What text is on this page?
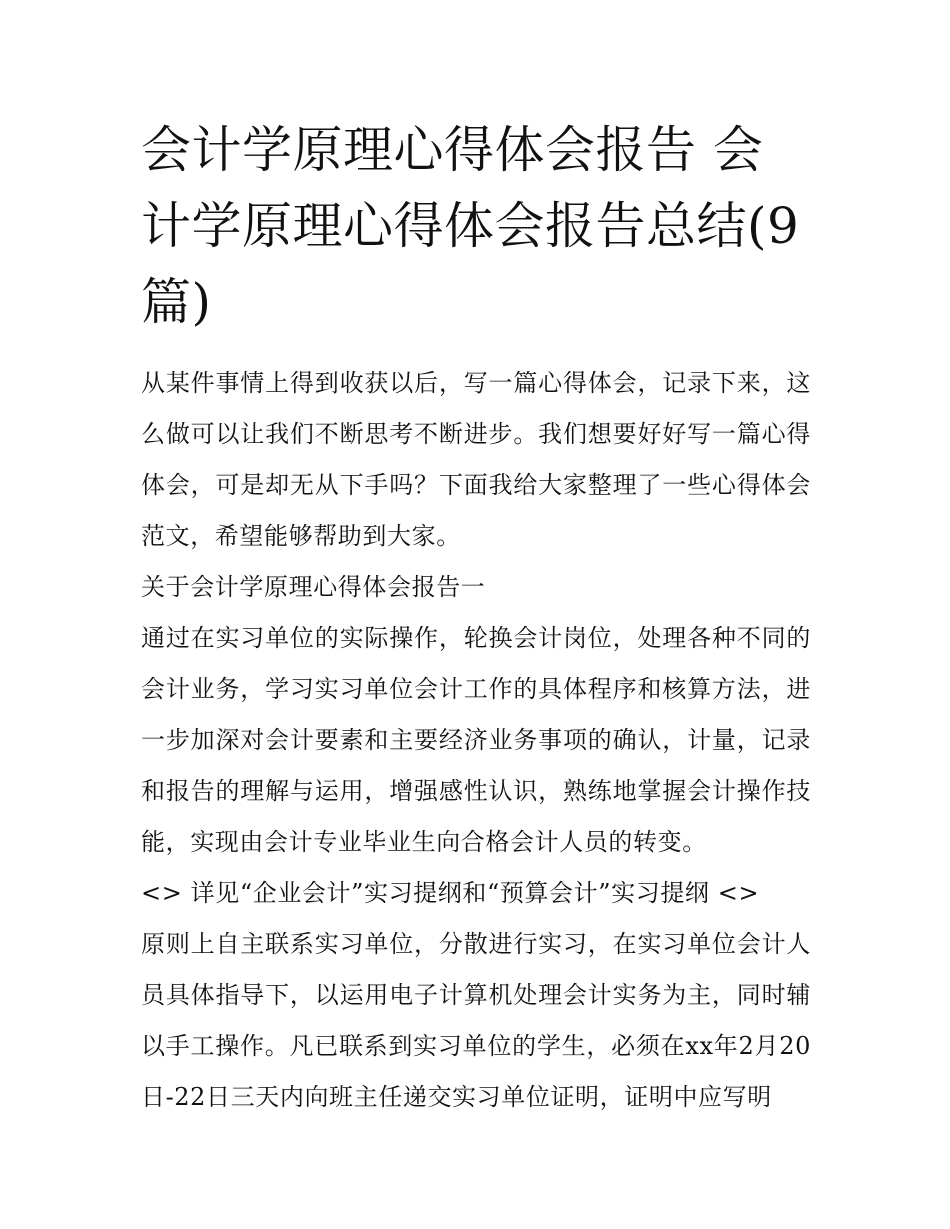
会计学原理心得体会报告 会计学原理心得体会报告总结(9篇)

从某件事情上得到收获以后，写一篇心得体会，记录下来，这么做可以让我们不断思考不断进步。我们想要好好写一篇心得体会，可是却无从下手吗？下面我给大家整理了一些心得体会范文，希望能够帮助到大家。

关于会计学原理心得体会报告一

通过在实习单位的实际操作，轮换会计岗位，处理各种不同的会计业务，学习实习单位会计工作的具体程序和核算方法，进一步加深对会计要素和主要经济业务事项的确认，计量，记录和报告的理解与运用，增强感性认识，熟练地掌握会计操作技能，实现由会计专业毕业生向合格会计人员的转变。

<> 详见“企业会计”实习提纲和“预算会计”实习提纲 <>

原则上自主联系实习单位，分散进行实习，在实习单位会计人员具体指导下，以运用电子计算机处理会计实务为主，同时辅以手工操作。凡已联系到实习单位的学生，必须在xx年2月20日-22日三天内向班主任递交实习单位证明，证明中应写明
